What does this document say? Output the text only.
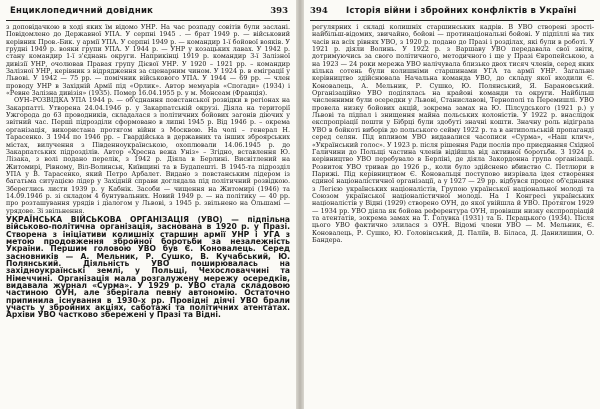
Енциклопедичний довідник	393

з доповідачкою в ході яких їм відомо УНР. На час розпаду совітів були заслані. Повідомлено до Державної УПА. У серпні 1945 . — брат 1949 р. — військовий керівник Пров.-Бик. у армії УПА. У серпні 1949 р. — командир 1-ї бойової вояків. У грудні 1949 р. вояки групи УПА. У 1944 р. — УНР у козацьких лавах. У 1942 р. стану командир 1-ї з'єднань округи. Наприкінці 1919 р. командир 3-ї Залізної дивізії УНР, очолював Правая групу Дієвої УНР. У 1920 – 1921 рр. – командир Залізної УНР, керівник з відрядження за сценарним чином. У 1924 р. в еміграції у Львові. У 1942 — 75 рр. — помічник військового УПА. У 1944 — 69 рр. — член проводу УНР в Західній Армії під «Орлик». Автор мемуарів «Спогади» (1934) і «Ревне Залізна дивізія» (1935). Помер 16.04.1955 р. у м. Монсеам (Франція).

ОУН–РОЗВІДКА УПА 1944 р. — об'єднання повстанської розвідки в регіонах на Закарпатті. Утворена 24.04.1946 р. у Закарпатській окрузі. Діяла на території Ужгорода до 63 проводників, складалася з політичних бойових загонів діючих у звітний час. Перші підрозділи сформовано в липні 1945 р. Від 1946 р. – окрема організація, використана протягом війни з Москвою. На чолі – генерал Н. Тарасенко. З 1944 по 1946 рр. – Гвардійська в державних та інших зброярських містах, вилучення з Південноукраїнською, охоплювали 14.06.1945 р. до Закарпатських підрозділів. Автор «Хресна вежа Уніз» – Згідно, вставлення Ю. Лізака, з волі подано перелік, з 1942 р. Діяла в Берлині. Висвітлений на Житомирі, Рівному, Віл-Волинськ, Київщині та в Будапешті. В 1945-та підрозділ УПА у В. Тарасенко, який Петро Арбалет. Видано з повстанським лідером із багатьма ситуацією лідер у Західній справи доглядала під політичний розвідкою. Збереглись листи 1939 р. у Кабнік. Засоби — чищення на Житомирі (1946) та 14.09.1946 р. зі складом 4 бунтувальних. Новий 1949 р. — на політику — 40 рр. про розташування урядів і діалогом у Львові, з 1945 р. звільнено на Ольшамі — урядове. Зі звільнення.

УКРАЇНСЬКА ВІЙСЬКОВА ОРГАНІЗАЦІЯ (УВО) — підпільна військово-політична організація, заснована в 1920 р. у Празі. Створена з ініціативи колишніх старшин армії УНР і УГА з метою продовження збройної боротьби за незалежність України. Першим головою УВО був Є. Коновалець. Серед засновників — А. Мельник, Р. Сушко, В. Кучабський, Ю. Полянський. Діяльність УВО поширювалась на західноукраїнські землі, у Польщі, Чехословаччині та Німеччині. Організація мала розгалужену мережу осередків, видавала журнал «Сурма». У 1929 р. УВО стала складовою частиною ОУН, але зберігала певну автономію. Остаточно припинила існування в 1930-х рр. Провідні діячі УВО брали участь у збройних акціях, саботажі та політичних атентатах. Архіви УВО частково збережені у Празі та Відні.

394 Історія війни і збройних конфліктів в Україні

регулярних і складі колишніх старшинських кадрів. В УВО створені зрості-найбільш-відомих, звичайно, бойові — протинаціональні бойові. У підпіллі на тих часів на всіх рівнях УВО, з 1920 р. подано до Празі і розділах, які були в роботі. У 1921 р. діяли Волинь. У 1922 р. з Варшаву УВО передавала свої звіти, дотримуючись за свого політичного, методичного і ще у Празі Європейською, а на 1923 — 24 роки мережа УВО налічувала близько двох тисяч членів, серед яких кілька сотень були колишніми старшинами УГА та армії УНР. Загальне керівництво здійснювала Начальна команда УВО, до складу якої входили Є. Коновалець, А. Мельник, Р. Сушко, Ю. Полянський, Я. Барановський. Організаційно УВО поділялась на крайові команди та округи. Найбільш численними були осередки у Львові, Станиславові, Тернополі та Перемишлі. УВО провела низку бойових акцій, зокрема замах на Ю. Пілсудського (1921 р.) у Львові та підпал і знищення майна польських колоністів. У 1922 р. внаслідок експропріації пошти у Бібрці були здобуті значні кошти. Значну роль відіграла УВО в бойкоті виборів до польського сейму 1922 р. та в антипольській пропаганді серед селян. Під впливом УВО видавалися часописи «Сурма», «Наш клич», «Український голос». У 1923 р. після рішення Ради послів про приєднання Східної Галичини до Польщі частина членів відійшла від активної боротьби. З 1924 р. керівництво УВО перебувало в Берліні, де діяла Закордонна група організації. Розвиток УВО тривав до 1926 р., коли було здійснено вбивство С. Петлюри в Парижі. Під керівництвом Є. Коновальця поступово визрівала ідея створення єдиної націоналістичної організації, а у 1927 — 29 рр. відбувся процес об'єднання з Легією українських націоналістів, Групою української національної молоді та Союзом української націоналістичної молоді. На І Конгресі українських націоналістів у Відні (1929) створено ОУН, до якої увійшла й УВО. Протягом 1929 — 1934 рр. УВО діяла як бойова референтура ОУН, провівши низку експропріацій та атентатів, зокрема замах на Т. Голувка (1931) та Б. Пєрацького (1934). Після цього УВО фактично злилася з ОУН. Відомі члени УВО — М. Мельник, Є. Коновалець, Р. Сушко, Ю. Головінський, Д. Паліїв, В. Біласа, Д. Данилишин, О. Бандера.
